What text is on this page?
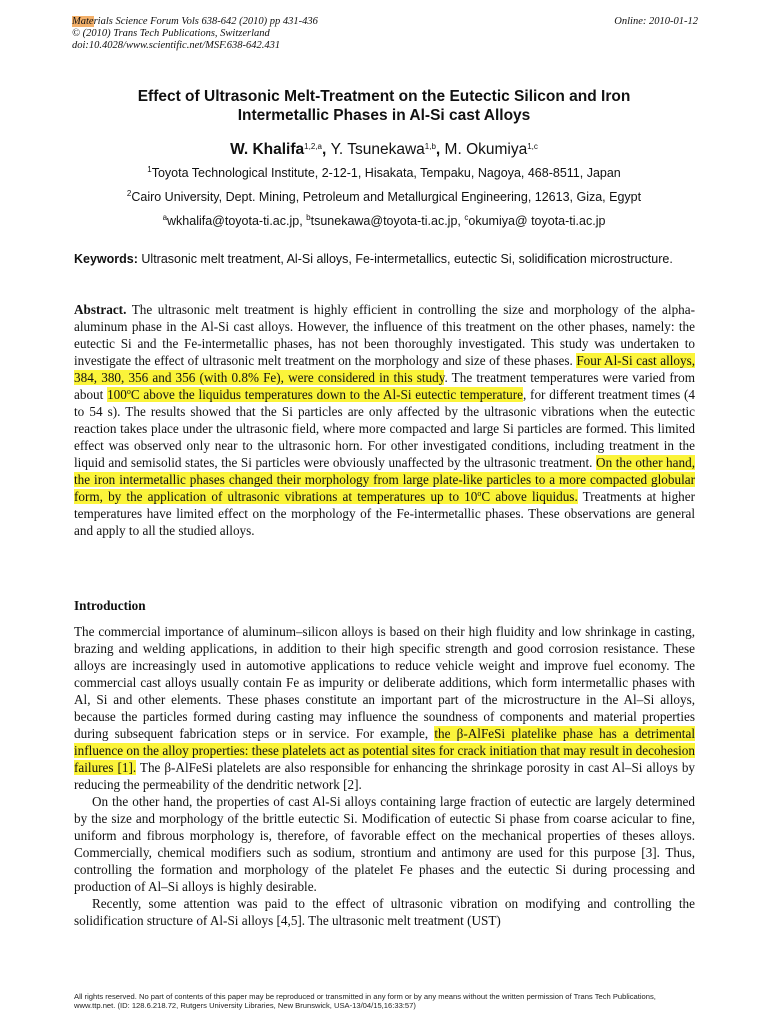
Materials Science Forum Vols 638-642 (2010) pp 431-436
© (2010) Trans Tech Publications, Switzerland
doi:10.4028/www.scientific.net/MSF.638-642.431
Online: 2010-01-12
Effect of Ultrasonic Melt-Treatment on the Eutectic Silicon and Iron
Intermetallic Phases in Al-Si cast Alloys
W. Khalifa$^{1,2,a}$, Y. Tsunekawa$^{1,b}$, M. Okumiya$^{1,c}$
$^1$Toyota Technological Institute, 2-12-1, Hisakata, Tempaku, Nagoya, 468-8511, Japan
$^2$Cairo University, Dept. Mining, Petroleum and Metallurgical Engineering, 12613, Giza, Egypt
$^a$wkhalifa@toyota-ti.ac.jp, $^b$tsunekawa@toyota-ti.ac.jp, $^c$okumiya@ toyota-ti.ac.jp
Keywords: Ultrasonic melt treatment, Al-Si alloys, Fe-intermetallics, eutectic Si, solidification microstructure.
Abstract. The ultrasonic melt treatment is highly efficient in controlling the size and morphology of the alpha-aluminum phase in the Al-Si cast alloys. However, the influence of this treatment on the other phases, namely: the eutectic Si and the Fe-intermetallic phases, has not been thoroughly investigated. This study was undertaken to investigate the effect of ultrasonic melt treatment on the morphology and size of these phases. Four Al-Si cast alloys, 384, 380, 356 and 356 (with 0.8% Fe), were considered in this study. The treatment temperatures were varied from about 100$^o$C above the liquidus temperatures down to the Al-Si eutectic temperature, for different treatment times (4 to 54 s). The results showed that the Si particles are only affected by the ultrasonic vibrations when the eutectic reaction takes place under the ultrasonic field, where more compacted and large Si particles are formed. This limited effect was observed only near to the ultrasonic horn. For other investigated conditions, including treatment in the liquid and semisolid states, the Si particles were obviously unaffected by the ultrasonic treatment. On the other hand, the iron intermetallic phases changed their morphology from large plate-like particles to a more compacted globular form, by the application of ultrasonic vibrations at temperatures up to 10$^o$C above liquidus. Treatments at higher temperatures have limited effect on the morphology of the Fe-intermetallic phases. These observations are general and apply to all the studied alloys.
Introduction

The commercial importance of aluminum–silicon alloys is based on their high fluidity and low shrinkage in casting, brazing and welding applications, in addition to their high specific strength and good corrosion resistance. These alloys are increasingly used in automotive applications to reduce vehicle weight and improve fuel economy. The commercial cast alloys usually contain Fe as impurity or deliberate additions, which form intermetallic phases with Al, Si and other elements. These phases constitute an important part of the microstructure in the Al–Si alloys, because the particles formed during casting may influence the soundness of components and material properties during subsequent fabrication steps or in service. For example, the β-AlFeSi platelike phase has a detrimental influence on the alloy properties: these platelets act as potential sites for crack initiation that may result in decohesion failures [1]. The β-AlFeSi platelets are also responsible for enhancing the shrinkage porosity in cast Al–Si alloys by reducing the permeability of the dendritic network [2].

On the other hand, the properties of cast Al-Si alloys containing large fraction of eutectic are largely determined by the size and morphology of the brittle eutectic Si. Modification of eutectic Si phase from coarse acicular to fine, uniform and fibrous morphology is, therefore, of favorable effect on the mechanical properties of theses alloys. Commercially, chemical modifiers such as sodium, strontium and antimony are used for this purpose [3]. Thus, controlling the formation and morphology of the platelet Fe phases and the eutectic Si during processing and production of Al–Si alloys is highly desirable.

Recently, some attention was paid to the effect of ultrasonic vibration on modifying and controlling the solidification structure of Al-Si alloys [4,5]. The ultrasonic melt treatment (UST)

All rights reserved. No part of contents of this paper may be reproduced or transmitted in any form or by any means without the written permission of Trans Tech Publications, www.ttp.net. (ID: 128.6.218.72, Rutgers University Libraries, New Brunswick, USA-13/04/15,16:33:57)
